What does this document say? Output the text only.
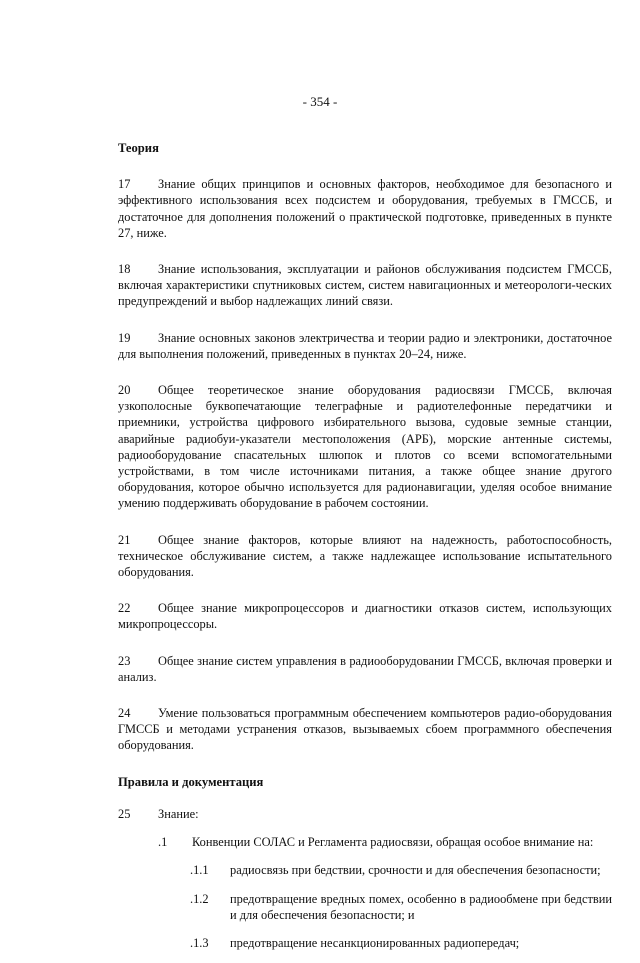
- 354 -

Теория

17 Знание общих принципов и основных факторов, необходимое для безопасного и эффективного использования всех подсистем и оборудования, требуемых в ГМССБ, и достаточное для дополнения положений о практической подготовке, приведенных в пункте 27, ниже.

18 Знание использования, эксплуатации и районов обслуживания подсистем ГМССБ, включая характеристики спутниковых систем, систем навигационных и метеорологи-ческих предупреждений и выбор надлежащих линий связи.

19 Знание основных законов электричества и теории радио и электроники, достаточное для выполнения положений, приведенных в пунктах 20–24, ниже.

20 Общее теоретическое знание оборудования радиосвязи ГМССБ, включая узкополосные буквопечатающие телеграфные и радиотелефонные передатчики и приемники, устройства цифрового избирательного вызова, судовые земные станции, аварийные радиобуи-указатели местоположения (АРБ), морские антенные системы, радиооборудование спасательных шлюпок и плотов со всеми вспомогательными устройствами, в том числе источниками питания, а также общее знание другого оборудования, которое обычно используется для радионавигации, уделяя особое внимание умению поддерживать оборудование в рабочем состоянии.

21 Общее знание факторов, которые влияют на надежность, работоспособность, техническое обслуживание систем, а также надлежащее использование испытательного оборудования.

22 Общее знание микропроцессоров и диагностики отказов систем, использующих микропроцессоры.

23 Общее знание систем управления в радиооборудовании ГМССБ, включая проверки и анализ.

24 Умение пользоваться программным обеспечением компьютеров радио-оборудования ГМССБ и методами устранения отказов, вызываемых сбоем программного обеспечения оборудования.

Правила и документация

25 Знание:

.1	Конвенции СОЛАС и Регламента радиосвязи, обращая особое внимание на:
.1.1	радиосвязь при бедствии, срочности и для обеспечения безопасности;
.1.2	предотвращение вредных помех, особенно в радиообмене при бедствии и для обеспечения безопасности; и
.1.3	предотвращение несанкционированных радиопередач;
